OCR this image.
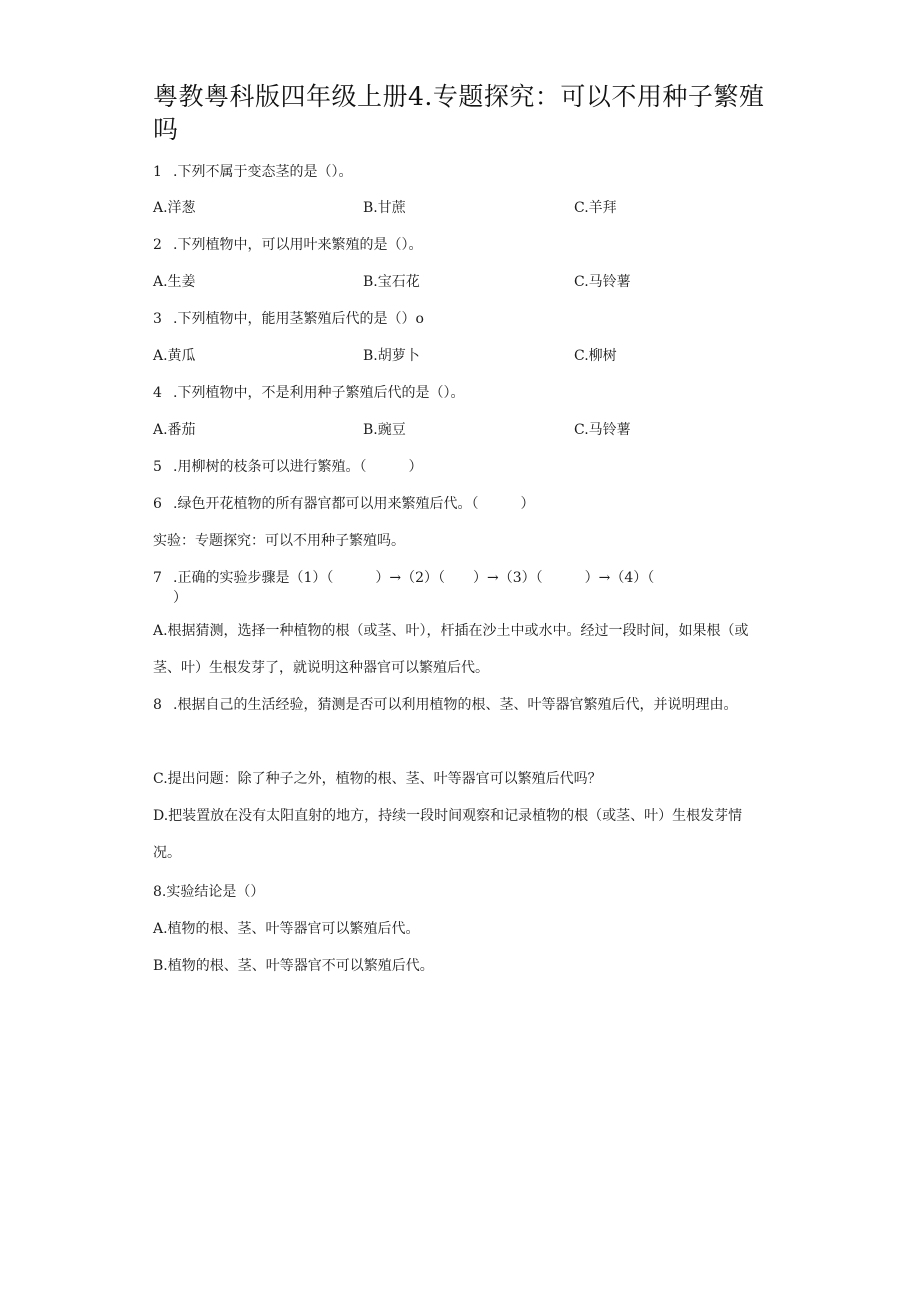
粤教粤科版四年级上册4.专题探究：可以不用种子繁殖吗
1 .下列不属于变态茎的是（）。
A.洋葱	B.甘蔗	C.羊拜
2 .下列植物中，可以用叶来繁殖的是（）。
A.生姜	B.宝石花	C.马铃薯
3 .下列植物中，能用茎繁殖后代的是（）o
A.黄瓜	B.胡萝卜	C.柳树
4 .下列植物中，不是利用种子繁殖后代的是（）。
A.番茄	B.豌豆	C.马铃薯
5 .用柳树的枝条可以进行繁殖。（　　　）
6 .绿色开花植物的所有器官都可以用来繁殖后代。（　　　）
实验：专题探究：可以不用种子繁殖吗。
7 .正确的实验步骤是（1）（　　　）→（2）（　　）→（3）（　　　）→（4）（
）
A.根据猜测，选择一种植物的根（或茎、叶），杆插在沙土中或水中。经过一段时间，如果根（或茎、叶）生根发芽了，就说明这种器官可以繁殖后代。
8 .根据自己的生活经验，猜测是否可以利用植物的根、茎、叶等器官繁殖后代，并说明理由。
C.提出问题：除了种子之外，植物的根、茎、叶等器官可以繁殖后代吗？
D.把装置放在没有太阳直射的地方，持续一段时间观察和记录植物的根（或茎、叶）生根发芽情况。
8.实验结论是（）
A.植物的根、茎、叶等器官可以繁殖后代。
B.植物的根、茎、叶等器官不可以繁殖后代。
